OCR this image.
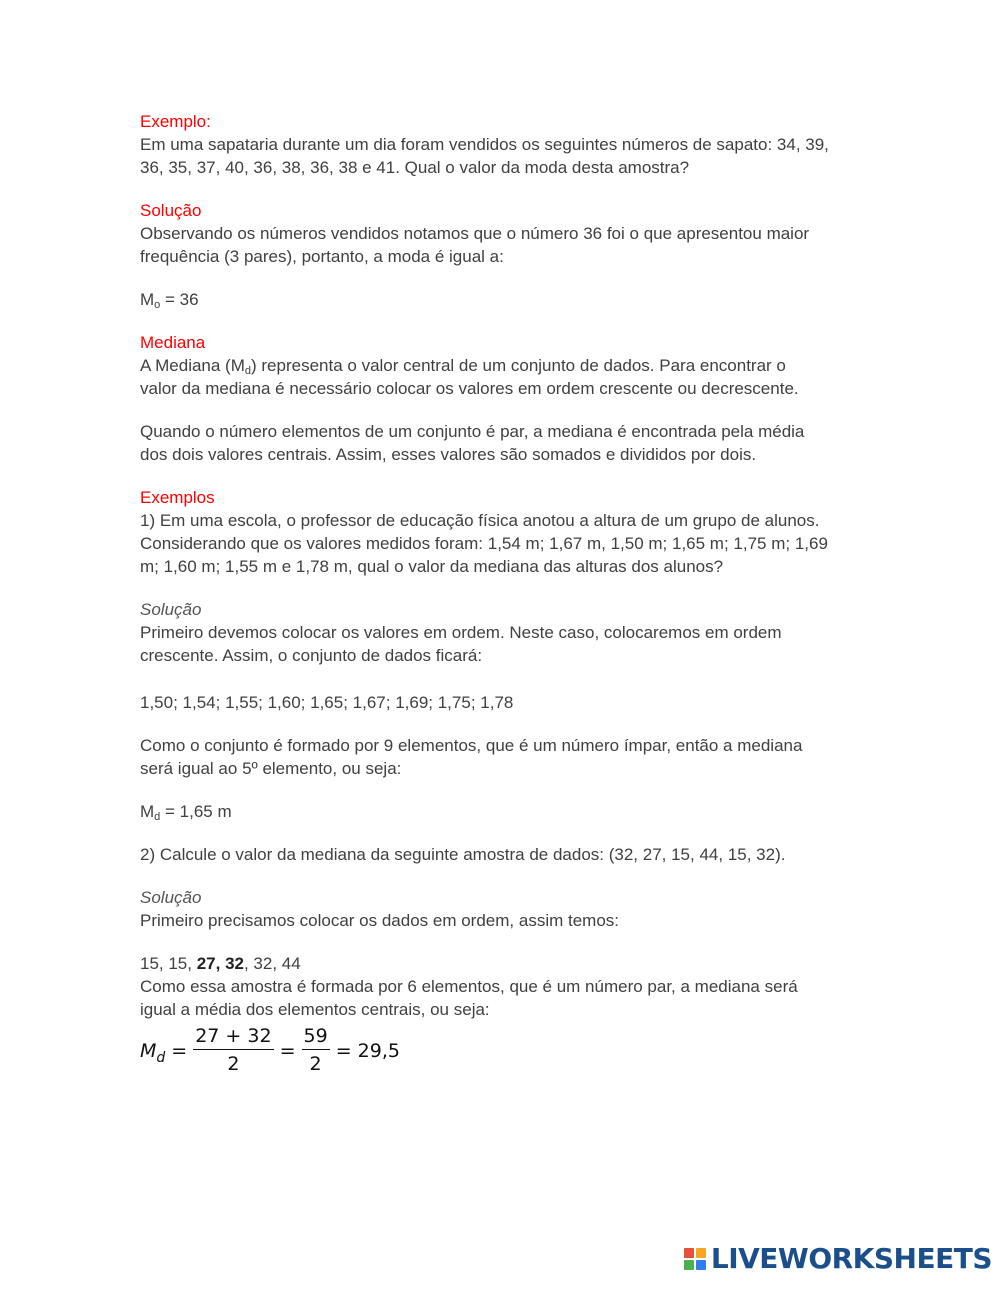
Exemplo:

Em uma sapataria durante um dia foram vendidos os seguintes números de sapato: 34, 39,

36, 35, 37, 40, 36, 38, 36, 38 e 41. Qual o valor da moda desta amostra?

Solução

Observando os números vendidos notamos que o número 36 foi o que apresentou maior

frequência (3 pares), portanto, a moda é igual a:

$M_o = 36$

Mediana

A Mediana $(M_d)$ representa o valor central de um conjunto de dados. Para encontrar o

valor da mediana é necessário colocar os valores em ordem crescente ou decrescente.

Quando o número elementos de um conjunto é par, a mediana é encontrada pela média

dos dois valores centrais. Assim, esses valores são somados e divididos por dois.

Exemplos

1) Em uma escola, o professor de educação física anotou a altura de um grupo de alunos.

Considerando que os valores medidos foram: 1,54 m; 1,67 m, 1,50 m; 1,65 m; 1,75 m; 1,69

m; 1,60 m; 1,55 m e 1,78 m, qual o valor da mediana das alturas dos alunos?

Solução

Primeiro devemos colocar os valores em ordem. Neste caso, colocaremos em ordem

crescente. Assim, o conjunto de dados ficará:

1,50; 1,54; 1,55; 1,60; 1,65; 1,67; 1,69; 1,75; 1,78

Como o conjunto é formado por 9 elementos, que é um número ímpar, então a mediana

será igual ao 5º elemento, ou seja:

$M_d = 1,65$ m

2) Calcule o valor da mediana da seguinte amostra de dados: (32, 27, 15, 44, 15, 32).

Solução

Primeiro precisamos colocar os dados em ordem, assim temos:

15, 15, 27, 32, 32, 44

Como essa amostra é formada por 6 elementos, que é um número par, a mediana será

igual a média dos elementos centrais, ou seja:

$M_d = \frac{27 + 32}{2} = \frac{59}{2} = 29,5$
LIVEWORKSHEETS
